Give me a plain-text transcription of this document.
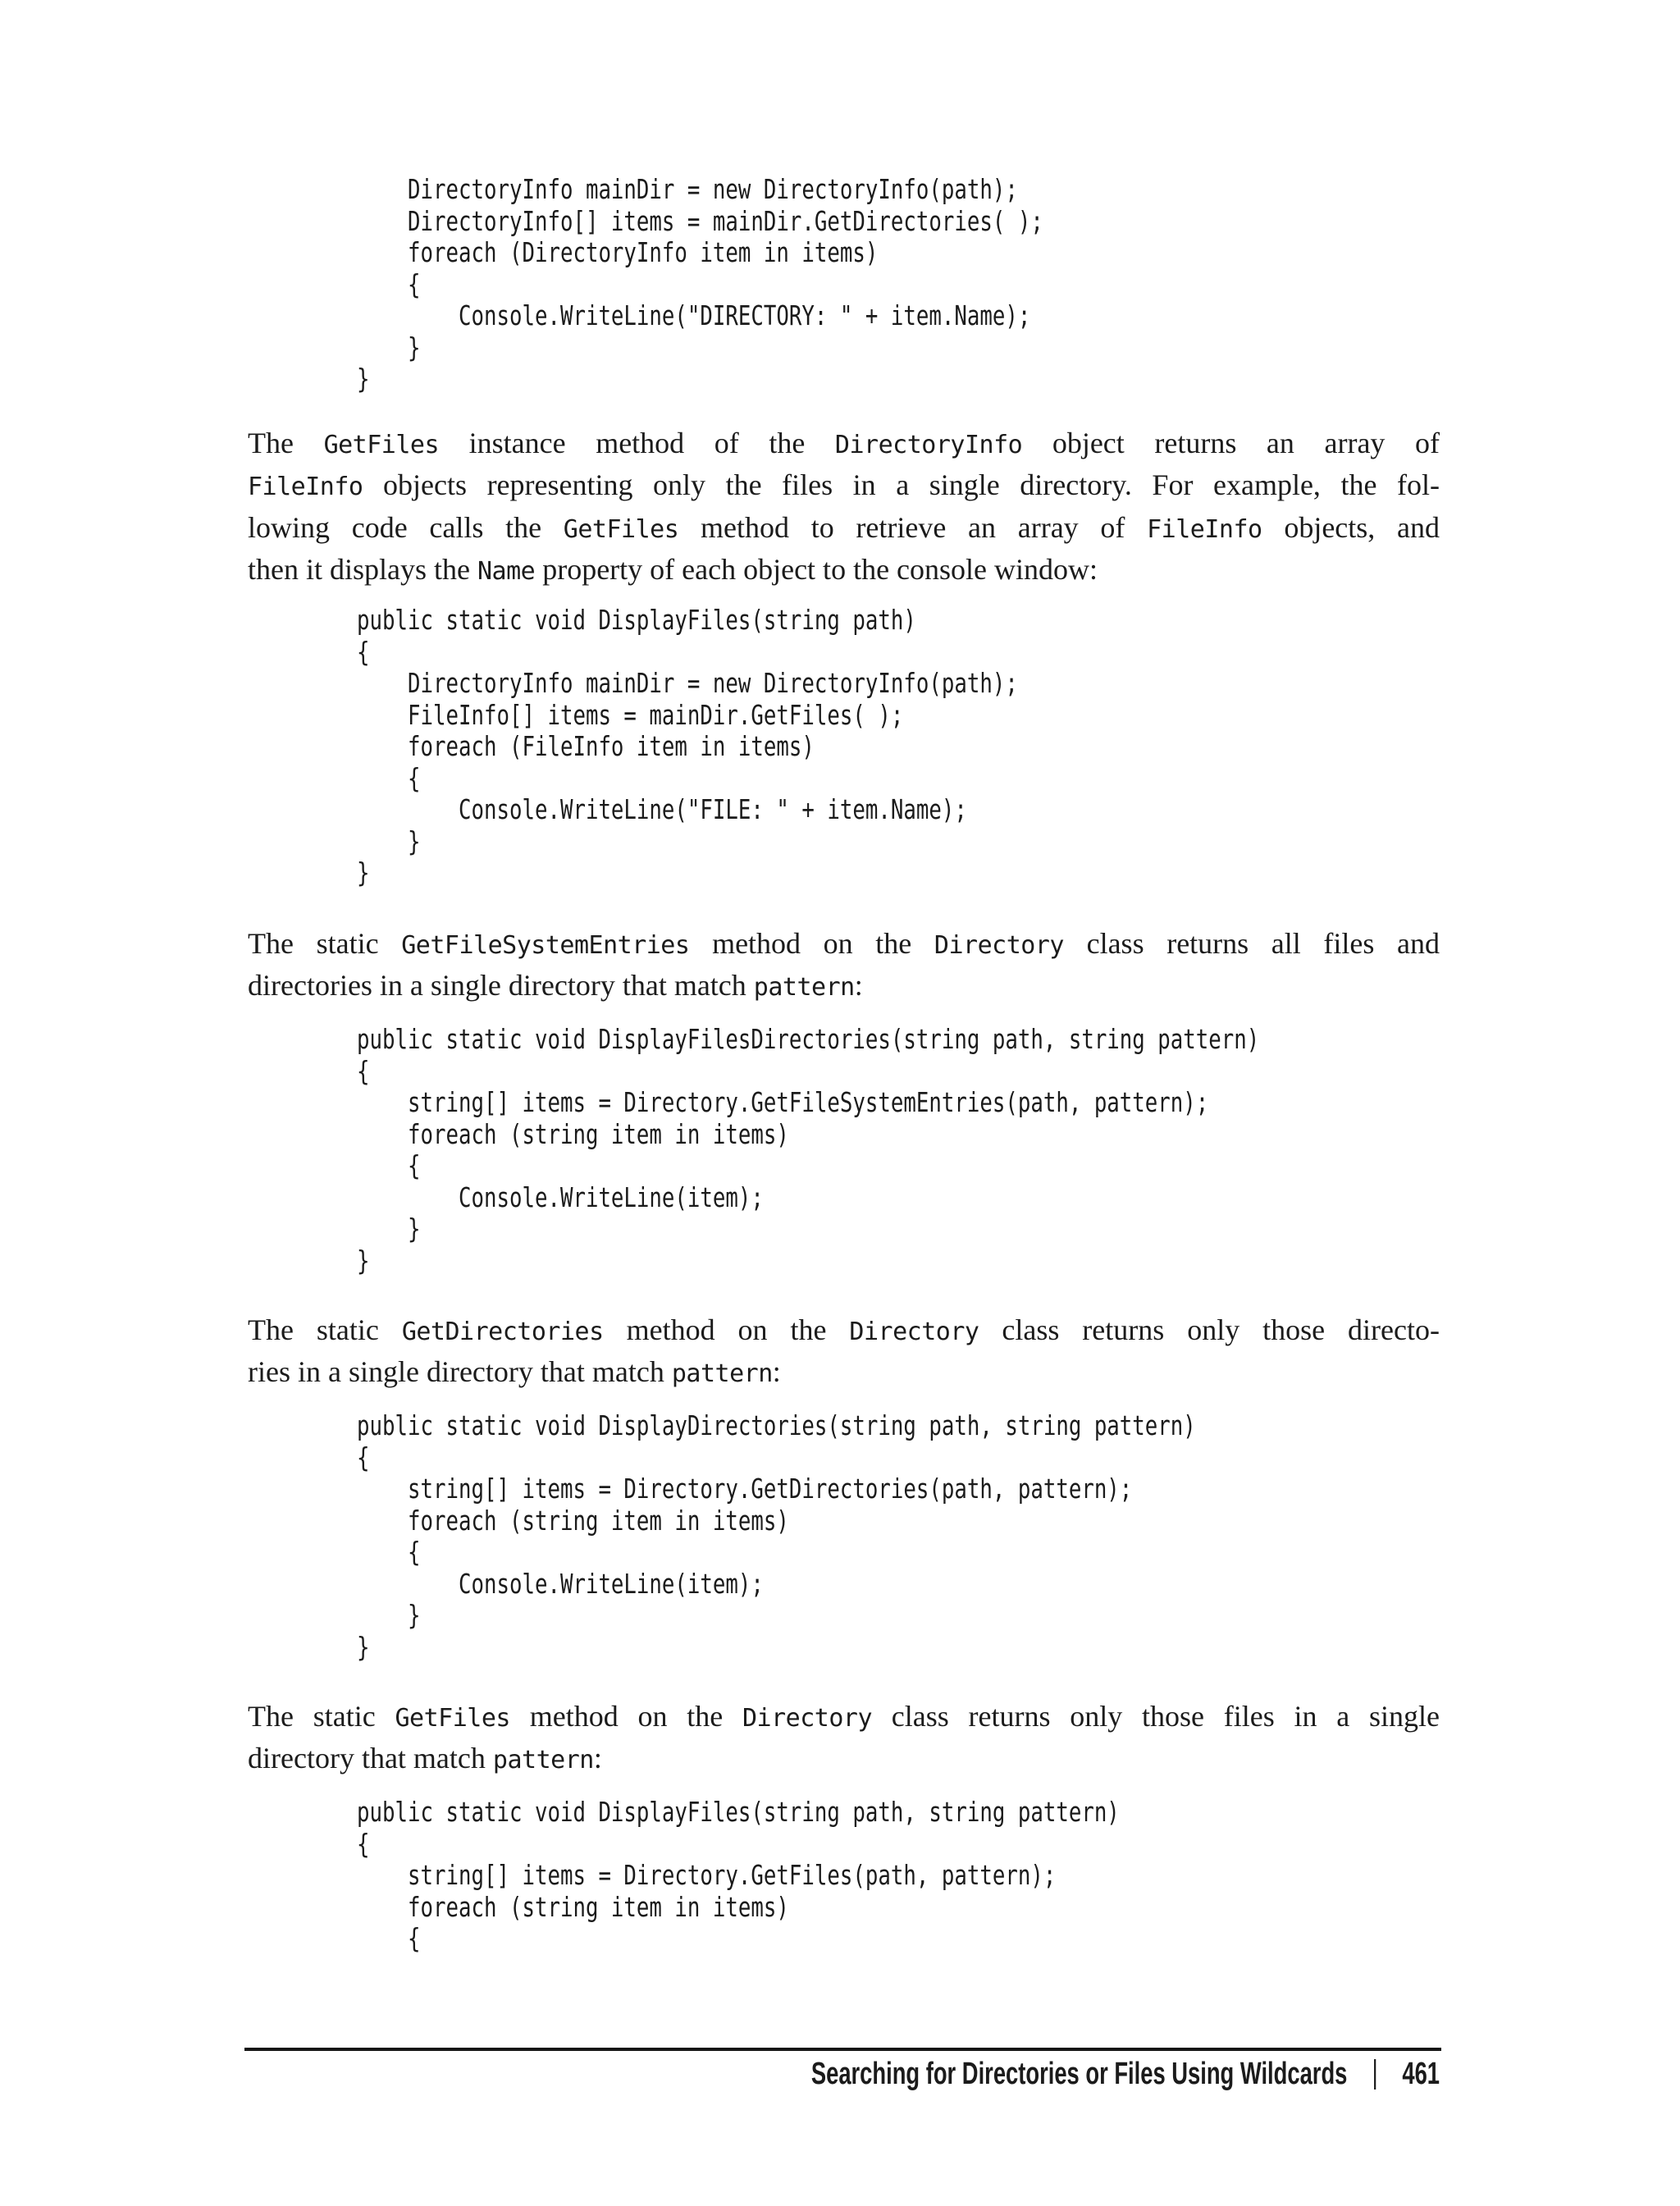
DirectoryInfo mainDir = new DirectoryInfo(path);
DirectoryInfo[] items = mainDir.GetDirectories( );
foreach (DirectoryInfo item in items)
{
Console.WriteLine("DIRECTORY: " + item.Name);
}
}
The GetFiles instance method of the DirectoryInfo object returns an array of
FileInfo objects representing only the files in a single directory. For example, the fol-
lowing code calls the GetFiles method to retrieve an array of FileInfo objects, and
then it displays the Name property of each object to the console window:
public static void DisplayFiles(string path)
{
DirectoryInfo mainDir = new DirectoryInfo(path);
FileInfo[] items = mainDir.GetFiles( );
foreach (FileInfo item in items)
{
Console.WriteLine("FILE: " + item.Name);
}
}
The static GetFileSystemEntries method on the Directory class returns all files and
directories in a single directory that match pattern:
public static void DisplayFilesDirectories(string path, string pattern)
{
string[] items = Directory.GetFileSystemEntries(path, pattern);
foreach (string item in items)
{
Console.WriteLine(item);
}
}
The static GetDirectories method on the Directory class returns only those directo-
ries in a single directory that match pattern:
public static void DisplayDirectories(string path, string pattern)
{
string[] items = Directory.GetDirectories(path, pattern);
foreach (string item in items)
{
Console.WriteLine(item);
}
}
The static GetFiles method on the Directory class returns only those files in a single
directory that match pattern:
public static void DisplayFiles(string path, string pattern)
{
string[] items = Directory.GetFiles(path, pattern);
foreach (string item in items)
{
Searching for Directories or Files Using Wildcards 461
